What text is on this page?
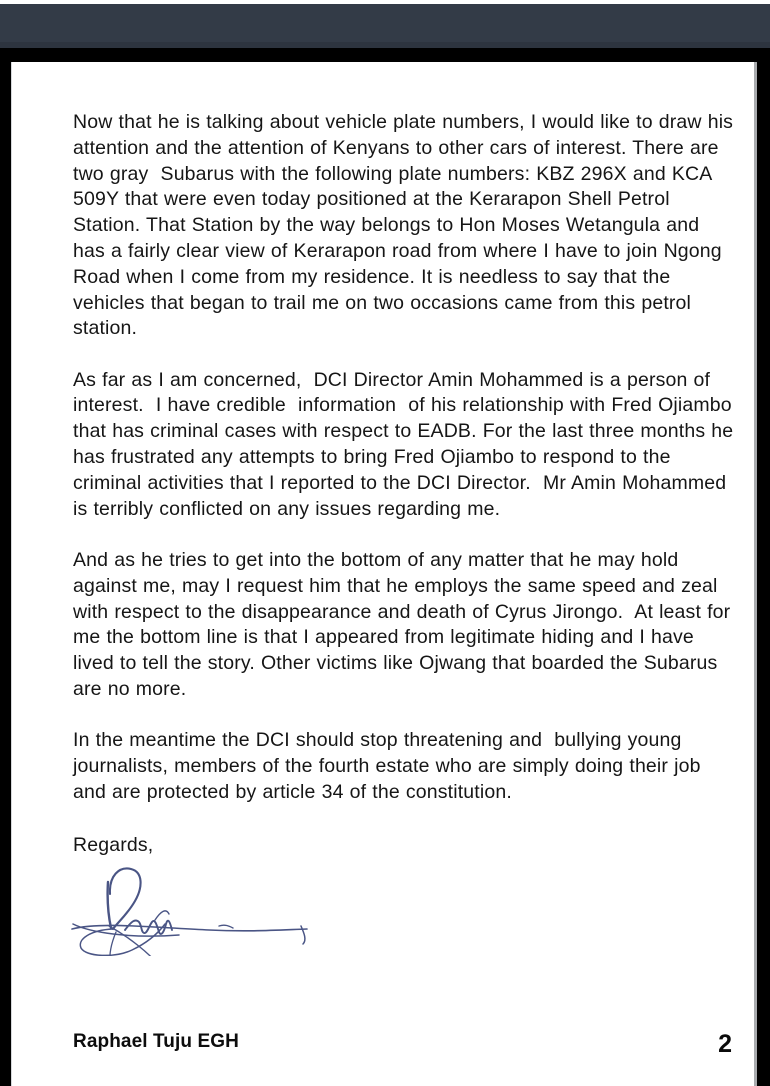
Now that he is talking about vehicle plate numbers, I would like to draw his attention and the attention of Kenyans to other cars of interest. There are  two gray  Subarus with the following plate numbers: KBZ 296X and KCA 509Y that were even today positioned at the Kerarapon Shell Petrol Station. That Station by the way belongs to Hon Moses Wetangula and has a fairly clear view of Kerarapon road from where I have to join Ngong Road when I come from my residence. It is needless to say that the vehicles that began to trail me on two occasions came from this petrol station.

As far as I am concerned,  DCI Director Amin Mohammed is a person of interest.  I have credible  information  of his relationship with Fred Ojiambo that has criminal cases with respect to EADB. For the last three months he has frustrated any attempts to bring Fred Ojiambo to respond to the  criminal activities that I reported to the DCI Director.  Mr Amin Mohammed is terribly conflicted on any issues regarding me.

And as he tries to get into the bottom of any matter that he may hold against me, may I request him that he employs the same speed and zeal  with respect to the disappearance and death of Cyrus Jirongo.  At least for me the bottom line is that I appeared from legitimate hiding and I have lived to tell the story. Other victims like Ojwang that boarded the Subarus are no more.

In the meantime the DCI should stop threatening and  bullying young  journalists, members of the fourth estate who are simply doing their job and are protected by article 34 of the constitution.

Regards,

Raphael Tuju EGH	2
